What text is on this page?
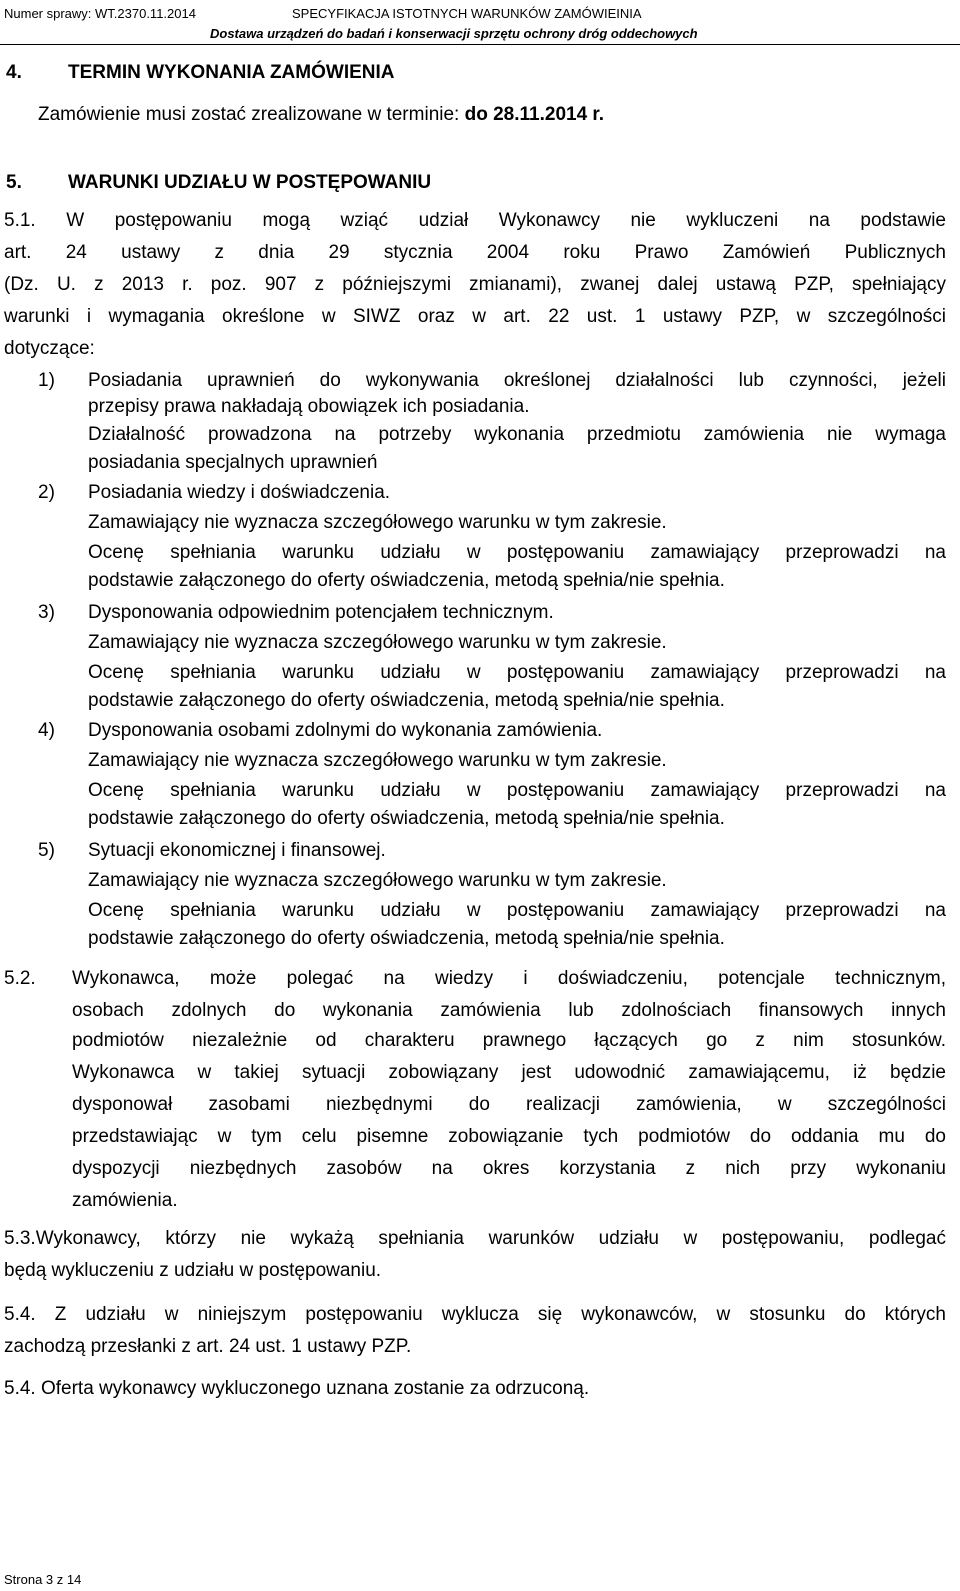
Numer sprawy: WT.2370.11.2014	SPECYFIKACJA ISTOTNYCH WARUNKÓW ZAMÓWIEINIA
Dostawa urządzeń do badań i konserwacji sprzętu ochrony dróg oddechowych
4. TERMIN WYKONANIA ZAMÓWIENIA
Zamówienie musi zostać zrealizowane w terminie: do 28.11.2014 r.
5. WARUNKI UDZIAŁU W POSTĘPOWANIU
5.1. W postępowaniu mogą wziąć udział Wykonawcy nie wykluczeni na podstawie
art. 24 ustawy z dnia 29 stycznia 2004 roku Prawo Zamówień Publicznych
(Dz. U. z 2013 r. poz. 907 z późniejszymi zmianami), zwanej dalej ustawą PZP, spełniający
warunki i wymagania określone w SIWZ oraz w art. 22 ust. 1 ustawy PZP, w szczególności
dotyczące:
1) Posiadania uprawnień do wykonywania określonej działalności lub czynności, jeżeli
przepisy prawa nakładają obowiązek ich posiadania.
Działalność prowadzona na potrzeby wykonania przedmiotu zamówienia nie wymaga
posiadania specjalnych uprawnień
2) Posiadania wiedzy i doświadczenia.
Zamawiający nie wyznacza szczegółowego warunku w tym zakresie.
Ocenę spełniania warunku udziału w postępowaniu zamawiający przeprowadzi na
podstawie załączonego do oferty oświadczenia, metodą spełnia/nie spełnia.
3) Dysponowania odpowiednim potencjałem technicznym.
Zamawiający nie wyznacza szczegółowego warunku w tym zakresie.
Ocenę spełniania warunku udziału w postępowaniu zamawiający przeprowadzi na
podstawie załączonego do oferty oświadczenia, metodą spełnia/nie spełnia.
4) Dysponowania osobami zdolnymi do wykonania zamówienia.
Zamawiający nie wyznacza szczegółowego warunku w tym zakresie.
Ocenę spełniania warunku udziału w postępowaniu zamawiający przeprowadzi na
podstawie załączonego do oferty oświadczenia, metodą spełnia/nie spełnia.
5) Sytuacji ekonomicznej i finansowej.
Zamawiający nie wyznacza szczegółowego warunku w tym zakresie.
Ocenę spełniania warunku udziału w postępowaniu zamawiający przeprowadzi na
podstawie załączonego do oferty oświadczenia, metodą spełnia/nie spełnia.
5.2. Wykonawca, może polegać na wiedzy i doświadczeniu, potencjale technicznym,
osobach zdolnych do wykonania zamówienia lub zdolnościach finansowych innych
podmiotów niezależnie od charakteru prawnego łączących go z nim stosunków.
Wykonawca w takiej sytuacji zobowiązany jest udowodnić zamawiającemu, iż będzie
dysponował zasobami niezbędnymi do realizacji zamówienia, w szczególności
przedstawiając w tym celu pisemne zobowiązanie tych podmiotów do oddania mu do
dyspozycji niezbędnych zasobów na okres korzystania z nich przy wykonaniu
zamówienia.
5.3.Wykonawcy, którzy nie wykażą spełniania warunków udziału w postępowaniu, podlegać
będą wykluczeniu z udziału w postępowaniu.
5.4. Z udziału w niniejszym postępowaniu wyklucza się wykonawców, w stosunku do których
zachodzą przesłanki z art. 24 ust. 1 ustawy PZP.
5.4. Oferta wykonawcy wykluczonego uznana zostanie za odrzuconą.
Strona 3 z 14
